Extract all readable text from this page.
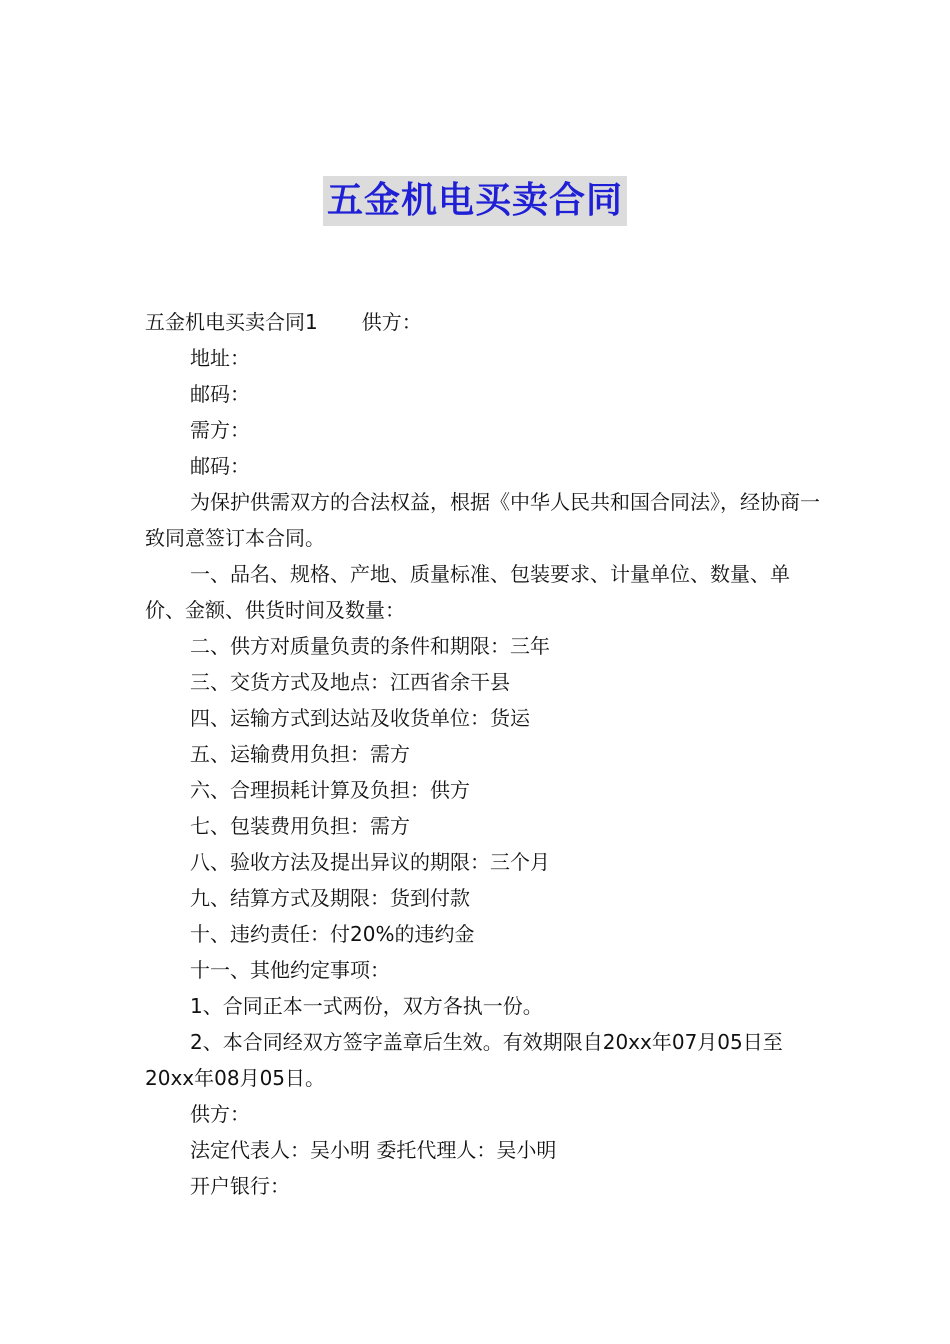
五金机电买卖合同

五金机电买卖合同1 供方：

地址：

邮码：

需方：

邮码：

为保护供需双方的合法权益，根据《中华人民共和国合同法》，经协商一致同意签订本合同。

一、品名、规格、产地、质量标准、包装要求、计量单位、数量、单价、金额、供货时间及数量：

二、供方对质量负责的条件和期限：三年

三、交货方式及地点：江西省余干县

四、运输方式到达站及收货单位：货运

五、运输费用负担：需方

六、合理损耗计算及负担：供方

七、包装费用负担：需方

八、验收方法及提出异议的期限：三个月

九、结算方式及期限：货到付款

十、违约责任：付20%的违约金

十一、其他约定事项：

1、合同正本一式两份，双方各执一份。

2、本合同经双方签字盖章后生效。有效期限自20xx年07月05日至20xx年08月05日。

供方：

法定代表人：吴小明 委托代理人：吴小明

开户银行：
